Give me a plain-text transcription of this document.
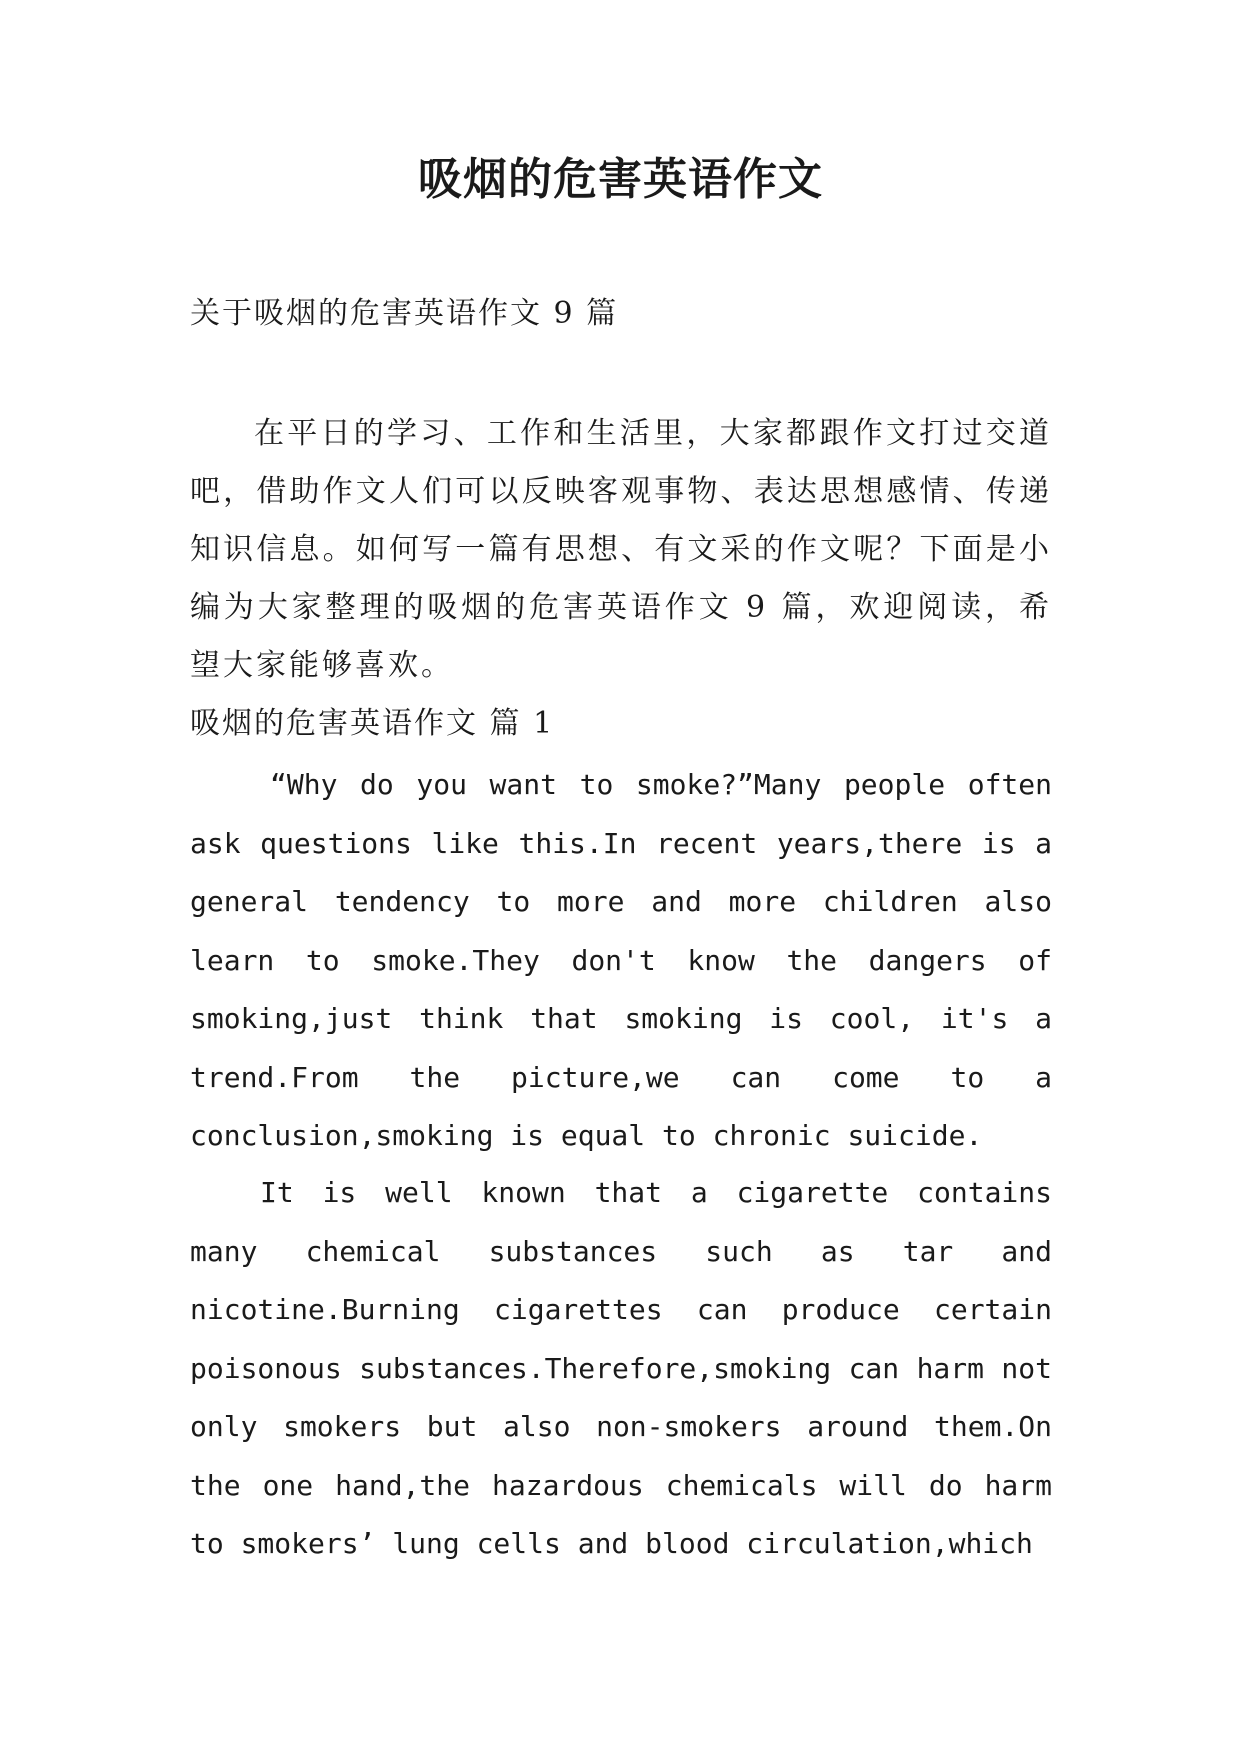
吸烟的危害英语作文
关于吸烟的危害英语作文 9 篇
在平日的学习、工作和生活里，大家都跟作文打过交道吧，借助作文人们可以反映客观事物、表达思想感情、传递知识信息。如何写一篇有思想、有文采的作文呢？下面是小编为大家整理的吸烟的危害英语作文 9 篇，欢迎阅读，希望大家能够喜欢。
吸烟的危害英语作文 篇 1
“Why do you want to smoke?”Many people often ask questions like this.In recent years,there is a general tendency to more and more children also learn to smoke.They don't know the dangers of smoking,just think that smoking is cool, it's a trend.From the picture,we can come to a conclusion,smoking is equal to chronic suicide.
It is well known that a cigarette contains many chemical substances such as tar and nicotine.Burning cigarettes can produce certain poisonous substances.Therefore,smoking can harm not only smokers but also non-smokers around them.On the one hand,the hazardous chemicals will do harm to smokers’ lung cells and blood circulation,which
